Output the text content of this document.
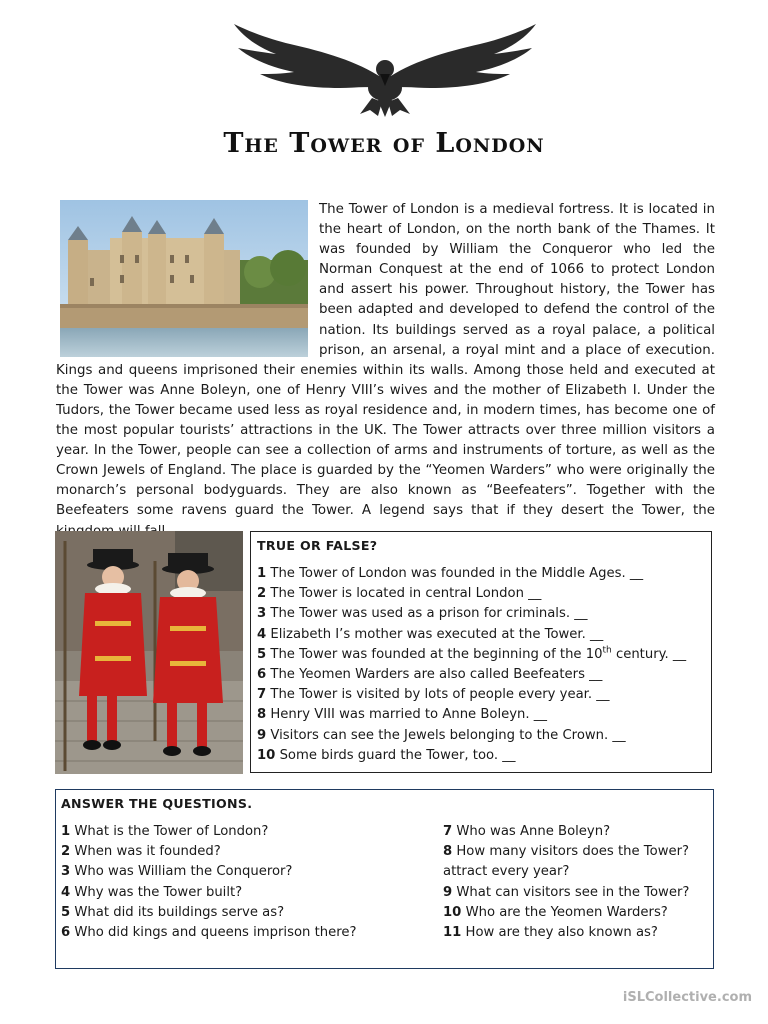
The Tower of London

The Tower of London is a medieval fortress. It is located in the heart of London, on the north bank of the Thames. It was founded by William the Conqueror who led the Norman Conquest at the end of 1066 to protect London and assert his power. Throughout history, the Tower has been adapted and developed to defend the control of the nation. Its buildings served as a royal palace, a political prison, an arsenal, a royal mint and a place of execution. Kings and queens imprisoned their enemies within its walls. Among those held and executed at the Tower was Anne Boleyn, one of Henry VIII’s wives and the mother of Elizabeth I. Under the Tudors, the Tower became used less as royal residence and, in modern times, has become one of the most popular tourists’ attractions in the UK. The Tower attracts over three million visitors a year. In the Tower, people can see a collection of arms and instruments of torture, as well as the Crown Jewels of England. The place is guarded by the “Yeomen Warders” who were originally the monarch’s personal bodyguards. They are also known as “Beefeaters”. Together with the Beefeaters some ravens guard the Tower. A legend says that if they desert the Tower, the

TRUE OR FALSE?
1 The Tower of London was founded in the Middle Ages. __
2 The Tower is located in central London __
3 The Tower was used as a prison for criminals. __
4 Elizabeth I’s mother was executed at the Tower. __
5 The Tower was founded at the beginning of the 10th century. __
6 The Yeomen Warders are also called Beefeaters __
7 The Tower is visited by lots of people every year. __
8 Henry VIII was married to Anne Boleyn. __
9 Visitors can see the Jewels belonging to the Crown. __
10 Some birds guard the Tower, too. __
ANSWER THE QUESTIONS.
1 What is the Tower of London?
2 When was it founded?
3 Who was William the Conqueror?
4 Why was the Tower built?
5 What did its buildings serve as?
6 Who did kings and queens imprison there?
7 Who was Anne Boleyn?
8 How many visitors does the Tower?
attract every year?
9 What can visitors see in the Tower?
10 Who are the Yeomen Warders?
11 How are they also known as?
iSLCollective.com
